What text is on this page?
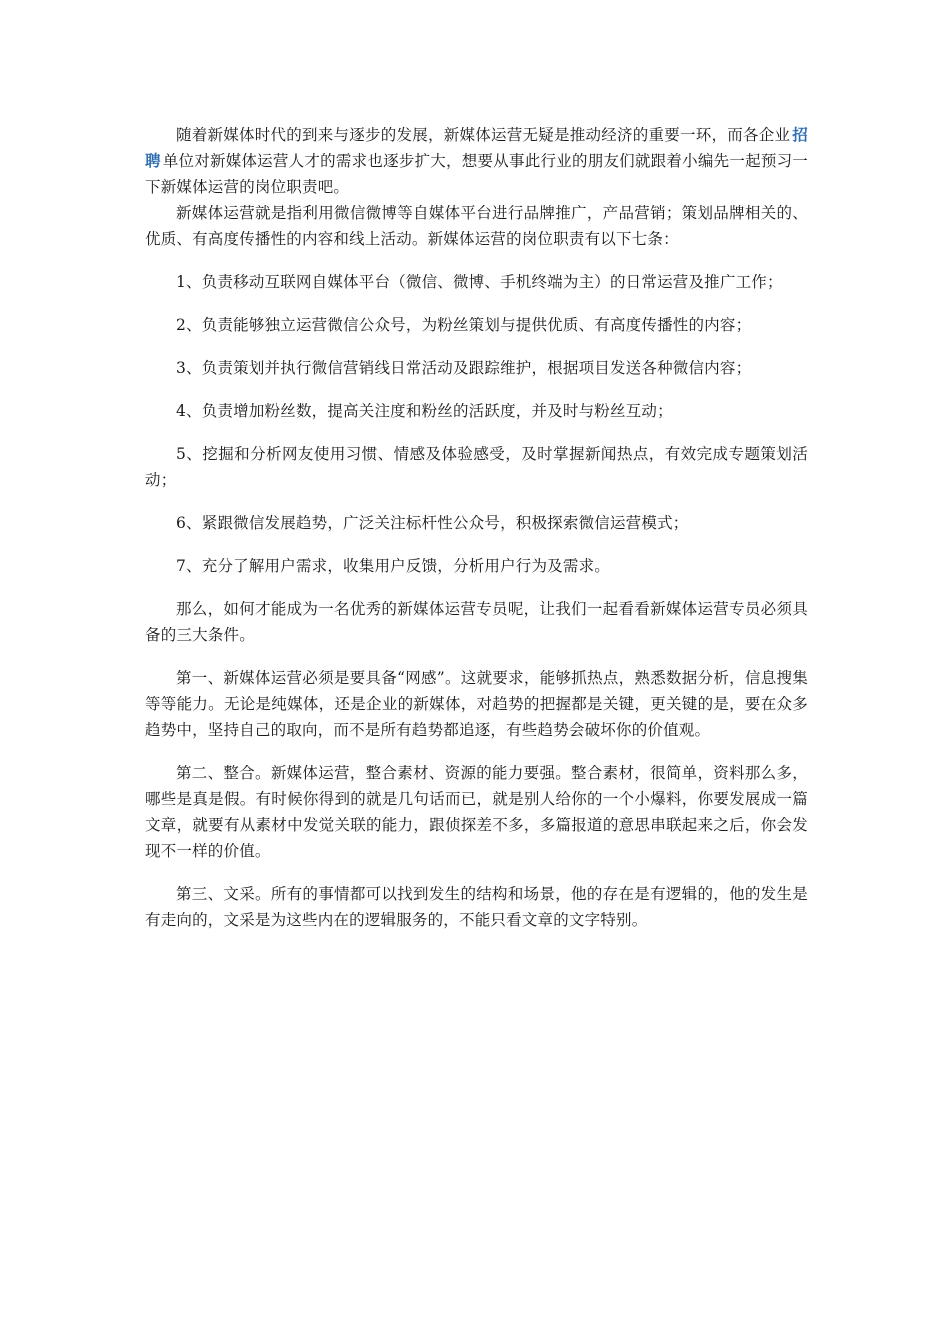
随着新媒体时代的到来与逐步的发展，新媒体运营无疑是推动经济的重要一环，而各企业 招聘 单位对新媒体运营人才的需求也逐步扩大，想要从事此行业的朋友们就跟着小编先一起预习一下新媒体运营的岗位职责吧。

新媒体运营就是指利用微信微博等自媒体平台进行品牌推广，产品营销；策划品牌相关的、优质、有高度传播性的内容和线上活动。新媒体运营的岗位职责有以下七条：

1、负责移动互联网自媒体平台（微信、微博、手机终端为主）的日常运营及推广工作；

2、负责能够独立运营微信公众号，为粉丝策划与提供优质、有高度传播性的内容；

3、负责策划并执行微信营销线日常活动及跟踪维护，根据项目发送各种微信内容；

4、负责增加粉丝数，提高关注度和粉丝的活跃度，并及时与粉丝互动；

5、挖掘和分析网友使用习惯、情感及体验感受，及时掌握新闻热点，有效完成专题策划活动；

6、紧跟微信发展趋势，广泛关注标杆性公众号，积极探索微信运营模式；

7、充分了解用户需求，收集用户反馈，分析用户行为及需求。

那么，如何才能成为一名优秀的新媒体运营专员呢，让我们一起看看新媒体运营专员必须具备的三大条件。

第一、新媒体运营必须是要具备“网感”。这就要求，能够抓热点，熟悉数据分析，信息搜集等等能力。无论是纯媒体，还是企业的新媒体，对趋势的把握都是关键，更关键的是，要在众多趋势中，坚持自己的取向，而不是所有趋势都追逐，有些趋势会破坏你的价值观。

第二、整合。新媒体运营，整合素材、资源的能力要强。整合素材，很简单，资料那么多，哪些是真是假。有时候你得到的就是几句话而已，就是别人给你的一个小爆料，你要发展成一篇文章，就要有从素材中发觉关联的能力，跟侦探差不多，多篇报道的意思串联起来之后，你会发现不一样的价值。

第三、文采。所有的事情都可以找到发生的结构和场景，他的存在是有逻辑的，他的发生是有走向的，文采是为这些内在的逻辑服务的，不能只看文章的文字特别。
